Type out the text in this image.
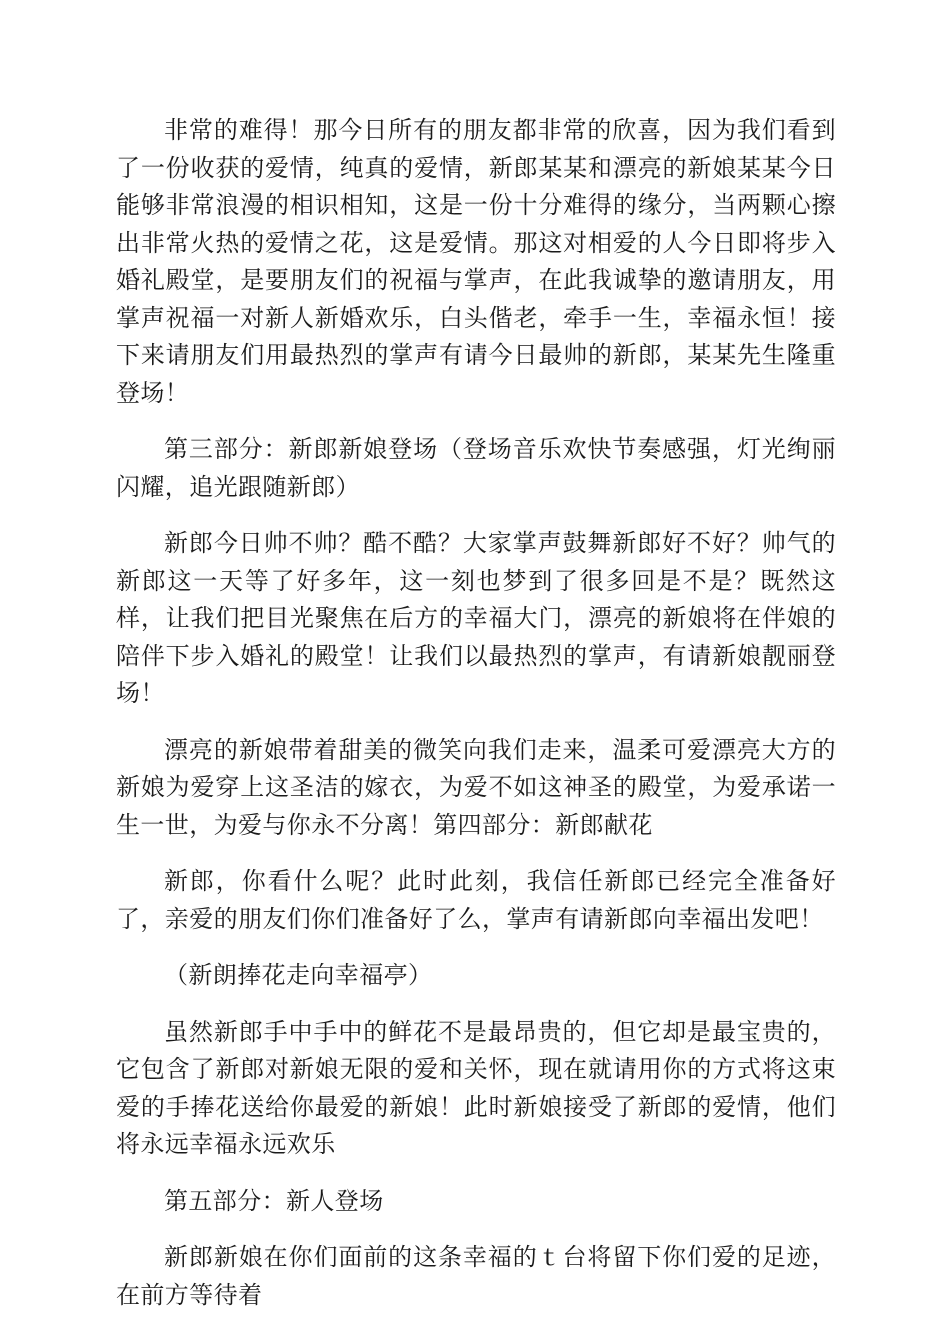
非常的难得！那今日所有的朋友都非常的欣喜，因为我们看到了一份收获的爱情，纯真的爱情，新郎某某和漂亮的新娘某某今日能够非常浪漫的相识相知，这是一份十分难得的缘分，当两颗心擦出非常火热的爱情之花，这是爱情。那这对相爱的人今日即将步入婚礼殿堂，是要朋友们的祝福与掌声，在此我诚挚的邀请朋友，用掌声祝福一对新人新婚欢乐，白头偕老，牵手一生，幸福永恒！接下来请朋友们用最热烈的掌声有请今日最帅的新郎，某某先生隆重登场！

第三部分：新郎新娘登场（登场音乐欢快节奏感强，灯光绚丽闪耀，追光跟随新郎）

新郎今日帅不帅？酷不酷？大家掌声鼓舞新郎好不好？帅气的新郎这一天等了好多年，这一刻也梦到了很多回是不是？既然这样，让我们把目光聚焦在后方的幸福大门，漂亮的新娘将在伴娘的陪伴下步入婚礼的殿堂！让我们以最热烈的掌声，有请新娘靓丽登场！

漂亮的新娘带着甜美的微笑向我们走来，温柔可爱漂亮大方的新娘为爱穿上这圣洁的嫁衣，为爱不如这神圣的殿堂，为爱承诺一生一世，为爱与你永不分离！第四部分：新郎献花

新郎，你看什么呢？此时此刻，我信任新郎已经完全准备好了，亲爱的朋友们你们准备好了么，掌声有请新郎向幸福出发吧！

（新朗捧花走向幸福亭）

虽然新郎手中手中的鲜花不是最昂贵的，但它却是最宝贵的，它包含了新郎对新娘无限的爱和关怀，现在就请用你的方式将这束爱的手捧花送给你最爱的新娘！此时新娘接受了新郎的爱情，他们将永远幸福永远欢乐

第五部分：新人登场

新郎新娘在你们面前的这条幸福的ｔ台将留下你们爱的足迹，在前方等待着
